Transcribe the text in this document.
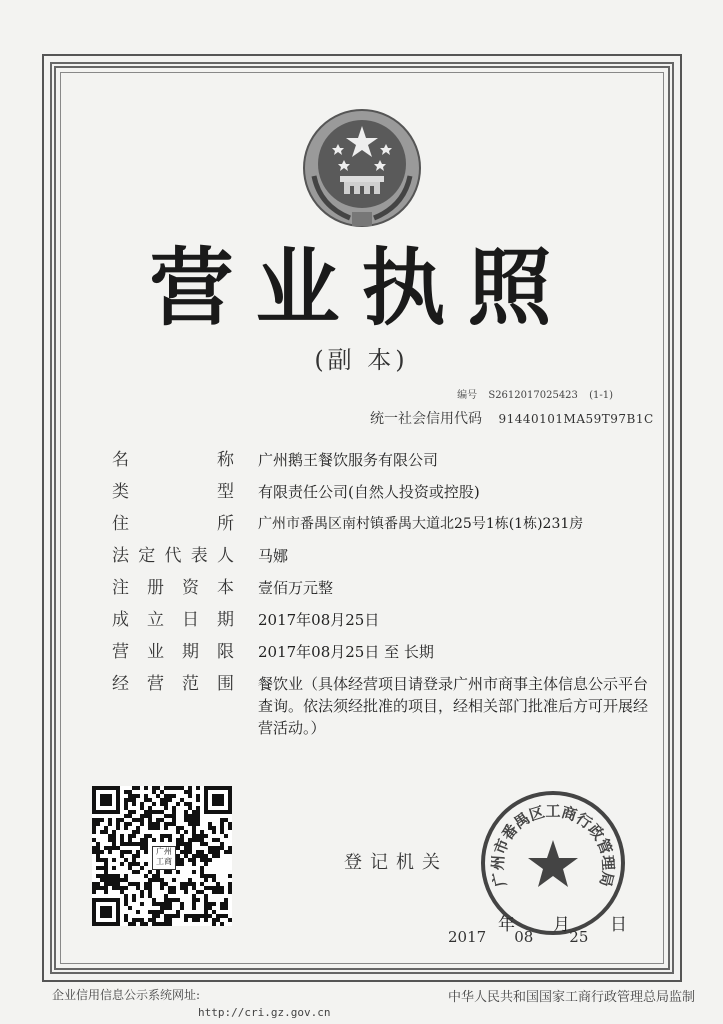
营业执照
(副 本)
编号 S2612017025423 (1-1)
统一社会信用代码 91440101MA59T97B1C
名	称 广州鹅王餐饮服务有限公司
类	型 有限责任公司(自然人投资或控股)
住	所 广州市番禺区南村镇番禺大道北25号1栋(1栋)231房
法 定 代 表 人 马娜
注 册 资 本 壹佰万元整
成 立 日 期 2017年08月25日
营 业 期 限 2017年08月25日 至 长期
经 营 范 围 餐饮业（具体经营项目请登录广州市商事主体信息公示平台查询。依法须经批准的项目，经相关部门批准后方可开展经营活动。）
广州工商	登记机关
广州市番禺区工商行政管理局
年 月 日
2017 08 25
企业信用信息公示系统网址:
http://cri.gz.gov.cn
中华人民共和国国家工商行政管理总局监制
